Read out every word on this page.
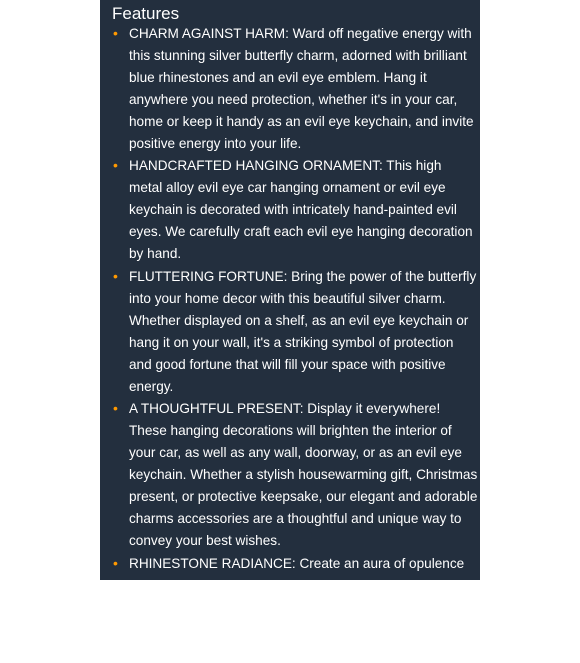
Features
• CHARM AGAINST HARM: Ward off negative energy with this stunning silver butterfly charm, adorned with brilliant blue rhinestones and an evil eye emblem. Hang it anywhere you need protection, whether it's in your car, home or keep it handy as an evil eye keychain, and invite positive energy into your life.
• HANDCRAFTED HANGING ORNAMENT: This high metal alloy evil eye car hanging ornament or evil eye keychain is decorated with intricately hand-painted evil eyes. We carefully craft each evil eye hanging decoration by hand.
• FLUTTERING FORTUNE: Bring the power of the butterfly into your home decor with this beautiful silver charm. Whether displayed on a shelf, as an evil eye keychain or hang it on your wall, it's a striking symbol of protection and good fortune that will fill your space with positive energy.
• A THOUGHTFUL PRESENT: Display it everywhere! These hanging decorations will brighten the interior of your car, as well as any wall, doorway, or as an evil eye keychain. Whether a stylish housewarming gift, Christmas present, or protective keepsake, our elegant and adorable charms accessories are a thoughtful and unique way to convey your best wishes.
• RHINESTONE RADIANCE: Create an aura of opulence with this Evil Eye ornament, or evil eye keychain, adorned with intricate rhinestone crystals that glimmer in the light. Whether you choose the tassel or resin eye option, it's a beautiful addition to any decor scheme.
